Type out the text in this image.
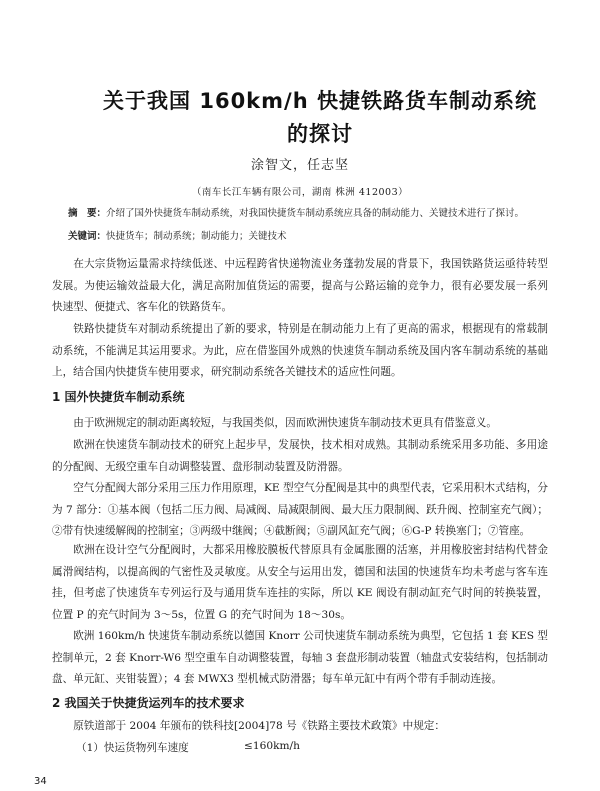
关于我国 160km/h 快捷铁路货车制动系统
的探讨
涂智文，任志坚
（南车长江车辆有限公司，湖南 株洲 412003）
摘　要：介绍了国外快捷货车制动系统，对我国快捷货车制动系统应具备的制动能力、关键技术进行了探讨。
关键词：快捷货车；制动系统；制动能力；关键技术

在大宗货物运量需求持续低迷、中远程跨省快递物流业务蓬勃发展的背景下，我国铁路货运亟待转型发展。为使运输效益最大化，满足高附加值货运的需要，提高与公路运输的竞争力，很有必要发展一系列快速型、便捷式、客车化的铁路货车。

铁路快捷货车对制动系统提出了新的要求，特别是在制动能力上有了更高的需求，根据现有的常载制动系统，不能满足其运用要求。为此，应在借鉴国外成熟的快速货车制动系统及国内客车制动系统的基础上，结合国内快捷货车使用要求，研究制动系统各关键技术的适应性问题。

1 国外快捷货车制动系统

由于欧洲规定的制动距离较短，与我国类似，因而欧洲快速货车制动技术更具有借鉴意义。

欧洲在快速货车制动技术的研究上起步早，发展快，技术相对成熟。其制动系统采用多功能、多用途的分配阀、无级空重车自动调整装置、盘形制动装置及防滑器。

空气分配阀大部分采用三压力作用原理，KE 型空气分配阀是其中的典型代表，它采用积木式结构，分为 7 部分：①基本阀（包括二压力阀、局减阀、局减限制阀、最大压力限制阀、跃升阀、控制室充气阀）；②带有快速缓解阀的控制室；③两级中继阀；④截断阀；⑤副风缸充气阀；⑥G-P 转换塞门；⑦管座。

欧洲在设计空气分配阀时，大都采用橡胶膜板代替原具有金属胀圈的活塞，并用橡胶密封结构代替金属滑阀结构，以提高阀的气密性及灵敏度。从安全与运用出发，德国和法国的快速货车均未考虑与客车连挂，但考虑了快速货车专列运行及与通用货车连挂的实际，所以 KE 阀设有制动缸充气时间的转换装置，位置 P 的充气时间为 3～5s，位置 G 的充气时间为 18～30s。

欧洲 160km/h 快速货车制动系统以德国 Knorr 公司快速货车制动系统为典型，它包括 1 套 KES 型控制单元，2 套 Knorr-W6 型空重车自动调整装置，每轴 3 套盘形制动装置（轴盘式安装结构，包括制动盘、单元缸、夹钳装置）；4 套 MWX3 型机械式防滑器；每车单元缸中有两个带有手制动连接。

2 我国关于快捷货运列车的技术要求

原铁道部于 2004 年颁布的铁科技[2004]78 号《铁路主要技术政策》中规定：

（1）快运货物列车速度	≤160km/h
34
